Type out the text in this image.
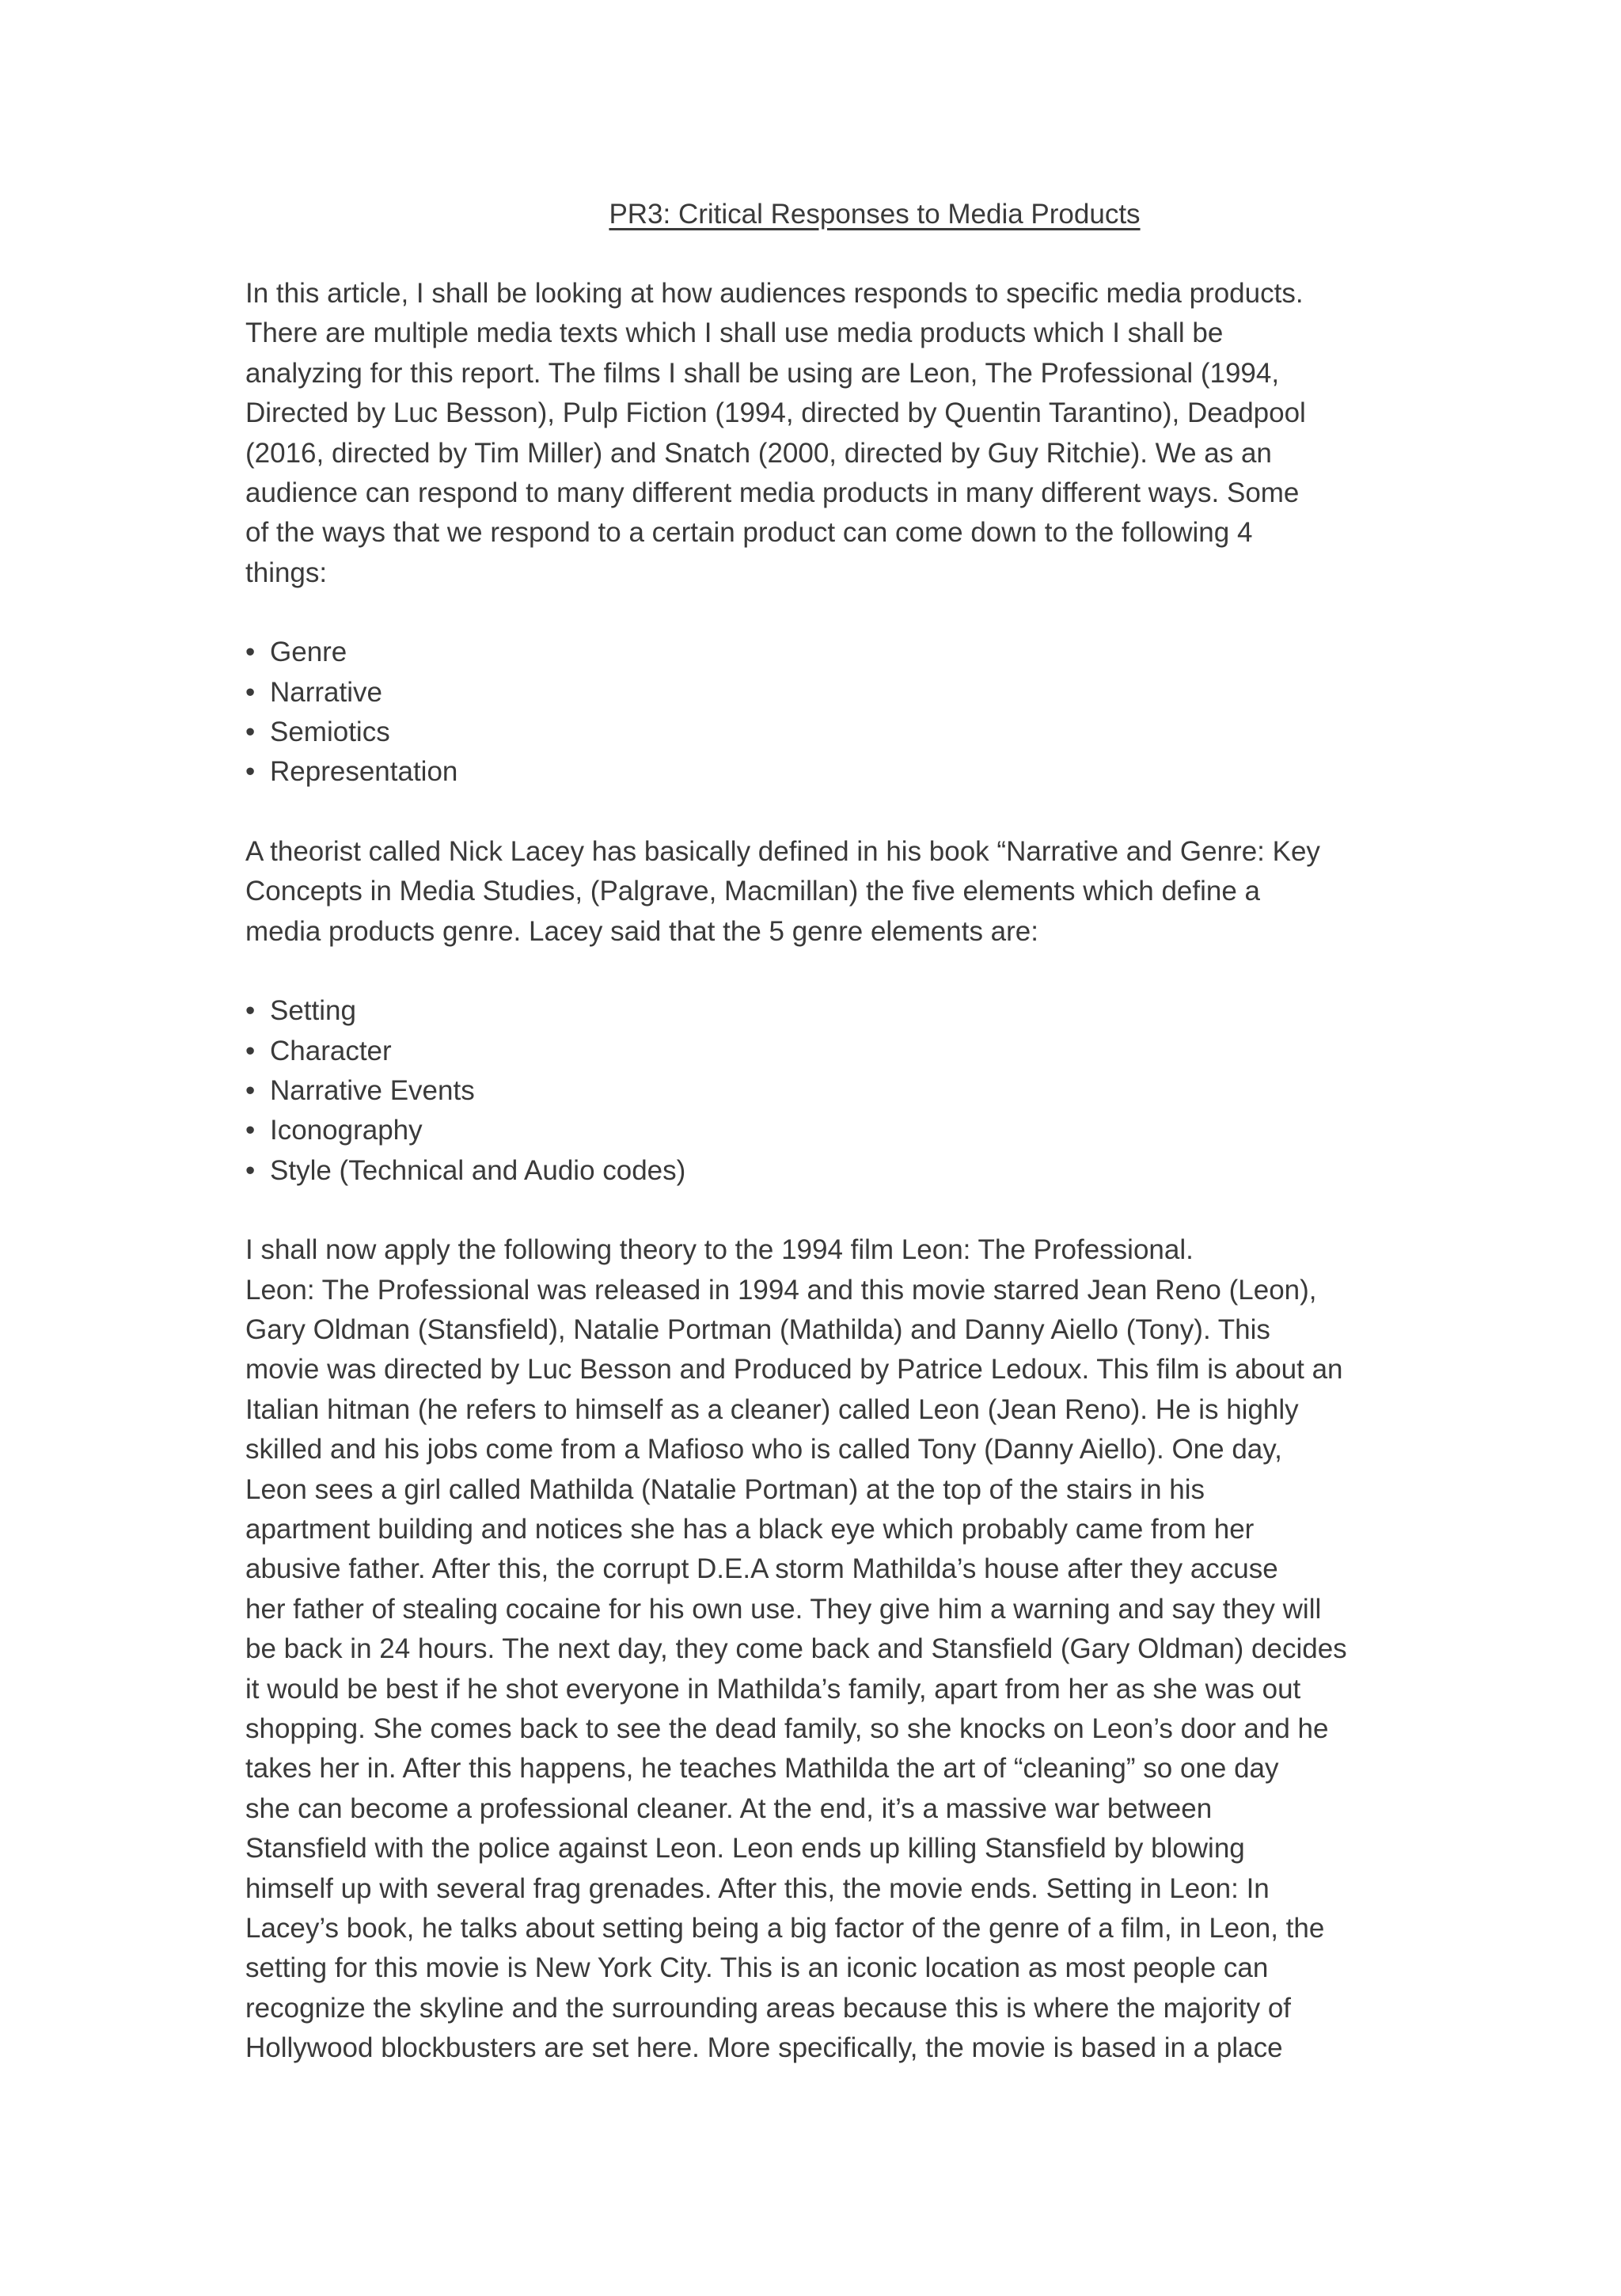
PR3: Critical Responses to Media Products

In this article, I shall be looking at how audiences responds to specific media products.
There are multiple media texts which I shall use media products which I shall be
analyzing for this report. The films I shall be using are Leon, The Professional (1994,
Directed by Luc Besson), Pulp Fiction (1994, directed by Quentin Tarantino), Deadpool
(2016, directed by Tim Miller) and Snatch (2000, directed by Guy Ritchie). We as an
audience can respond to many different media products in many different ways. Some
of the ways that we respond to a certain product can come down to the following 4
things:

• Genre
• Narrative
• Semiotics
• Representation

A theorist called Nick Lacey has basically defined in his book “Narrative and Genre: Key
Concepts in Media Studies, (Palgrave, Macmillan) the five elements which define a
media products genre. Lacey said that the 5 genre elements are:

• Setting
• Character
• Narrative Events
• Iconography
• Style (Technical and Audio codes)

I shall now apply the following theory to the 1994 film Leon: The Professional.
Leon: The Professional was released in 1994 and this movie starred Jean Reno (Leon),
Gary Oldman (Stansfield), Natalie Portman (Mathilda) and Danny Aiello (Tony). This
movie was directed by Luc Besson and Produced by Patrice Ledoux. This film is about an
Italian hitman (he refers to himself as a cleaner) called Leon (Jean Reno). He is highly
skilled and his jobs come from a Mafioso who is called Tony (Danny Aiello). One day,
Leon sees a girl called Mathilda (Natalie Portman) at the top of the stairs in his
apartment building and notices she has a black eye which probably came from her
abusive father. After this, the corrupt D.E.A storm Mathilda’s house after they accuse
her father of stealing cocaine for his own use. They give him a warning and say they will
be back in 24 hours. The next day, they come back and Stansfield (Gary Oldman) decides
it would be best if he shot everyone in Mathilda’s family, apart from her as she was out
shopping. She comes back to see the dead family, so she knocks on Leon’s door and he
takes her in. After this happens, he teaches Mathilda the art of “cleaning” so one day
she can become a professional cleaner. At the end, it’s a massive war between
Stansfield with the police against Leon. Leon ends up killing Stansfield by blowing
himself up with several frag grenades. After this, the movie ends. Setting in Leon: In
Lacey’s book, he talks about setting being a big factor of the genre of a film, in Leon, the
setting for this movie is New York City. This is an iconic location as most people can
recognize the skyline and the surrounding areas because this is where the majority of
Hollywood blockbusters are set here. More specifically, the movie is based in a place
